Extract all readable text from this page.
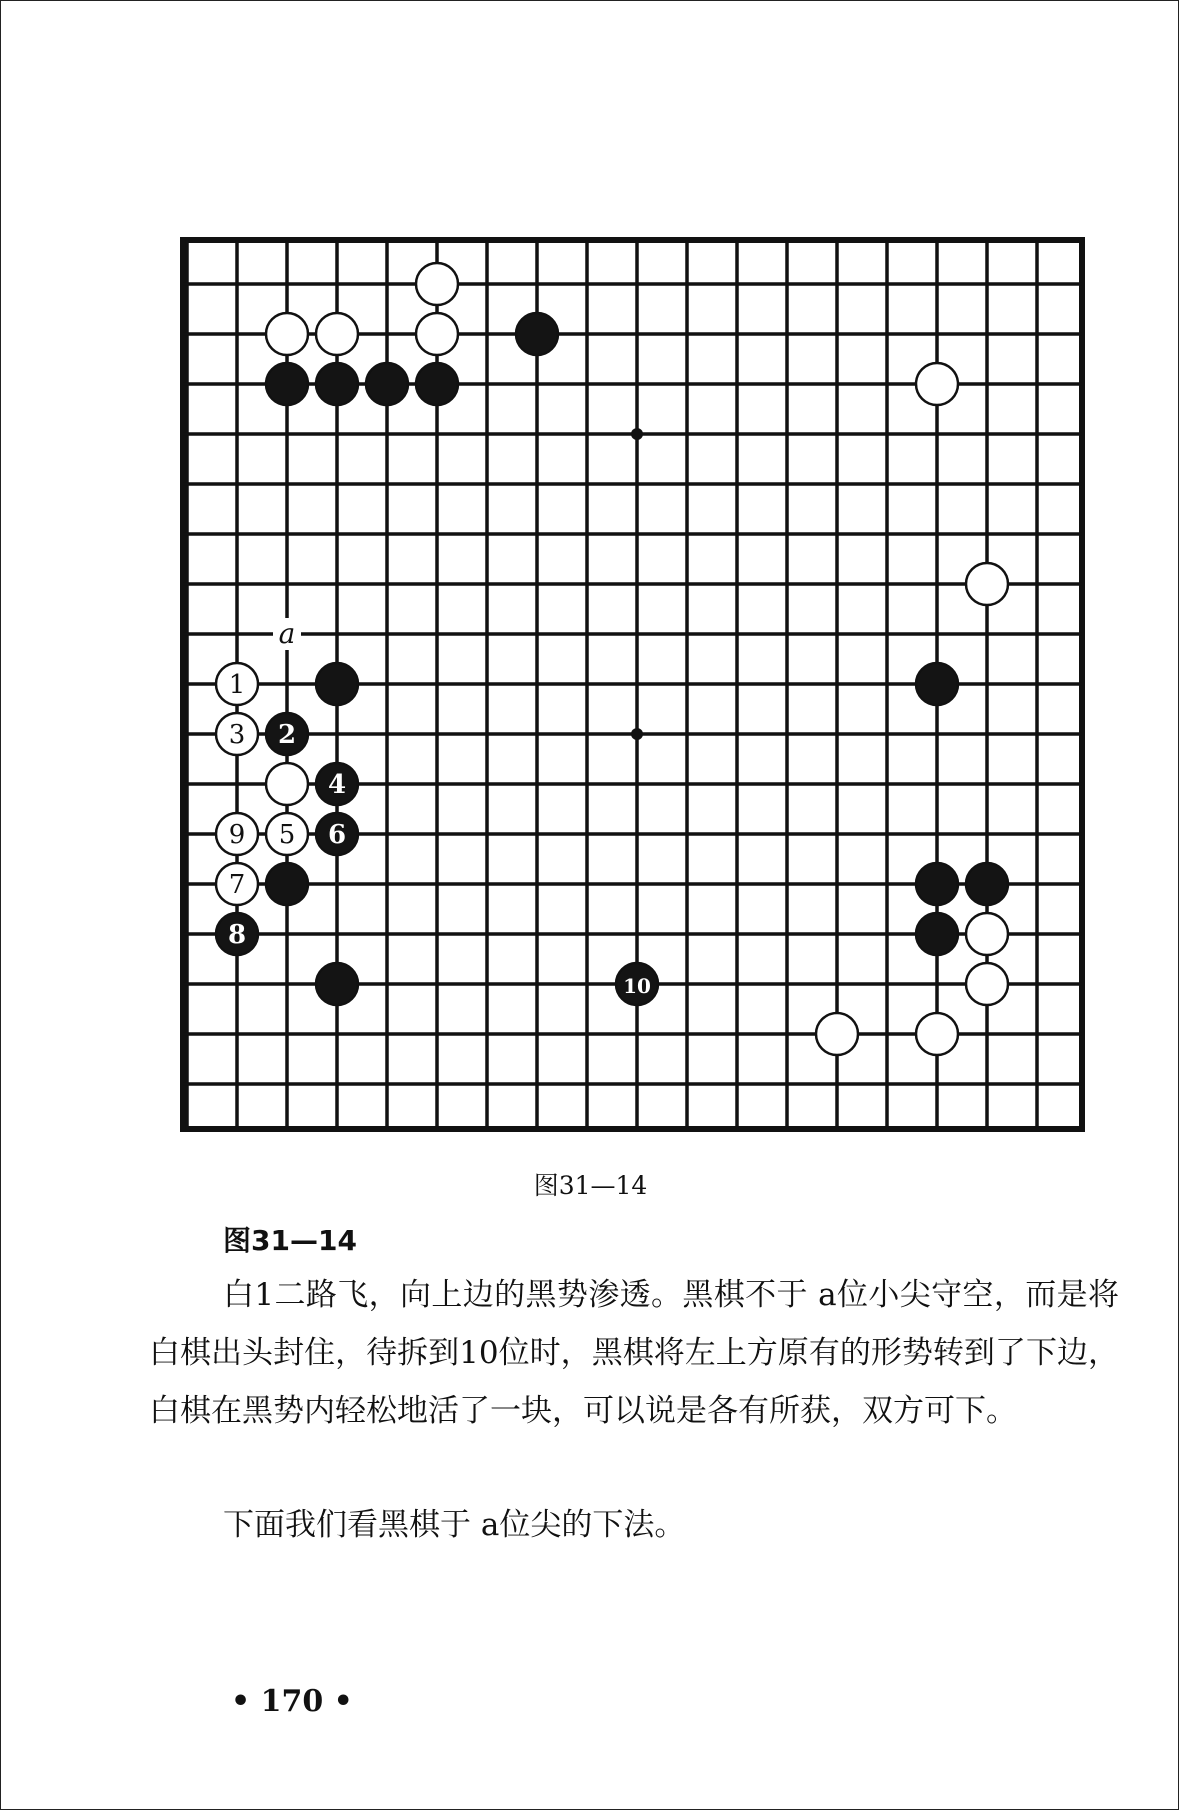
1
3 2
4
9 5 6
7
8
10
a
图31—14
图31—14
白1二路飞，向上边的黑势渗透。黑棋不于 a位小尖守空，而是将白棋出头封住，待拆到10位时，黑棋将左上方原有的形势转到了下边，白棋在黑势内轻松地活了一块，可以说是各有所获，双方可下。
下面我们看黑棋于 a位尖的下法。
• 170 •
